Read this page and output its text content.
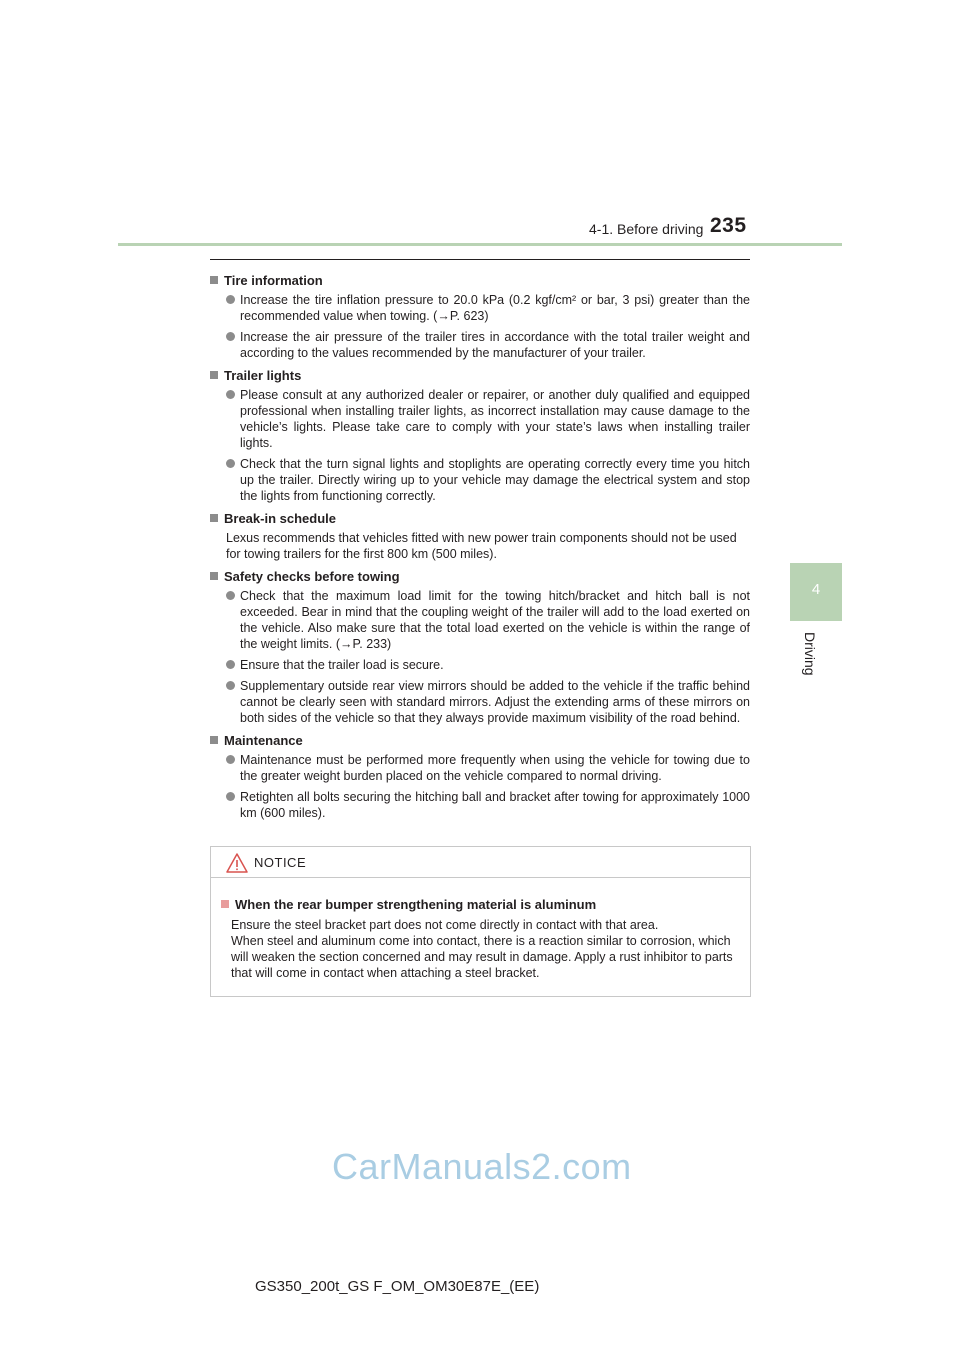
4-1. Before driving 235
4
Driving
Tire information
Increase the tire inflation pressure to 20.0 kPa (0.2 kgf/cm² or bar, 3 psi) greater than the recommended value when towing. (→P. 623)
Increase the air pressure of the trailer tires in accordance with the total trailer weight and according to the values recommended by the manufacturer of your trailer.
Trailer lights
Please consult at any authorized dealer or repairer, or another duly qualified and equipped professional when installing trailer lights, as incorrect installation may cause damage to the vehicle’s lights. Please take care to comply with your state’s laws when installing trailer lights.
Check that the turn signal lights and stoplights are operating correctly every time you hitch up the trailer. Directly wiring up to your vehicle may damage the electrical system and stop the lights from functioning correctly.
Break-in schedule
Lexus recommends that vehicles fitted with new power train components should not be used for towing trailers for the first 800 km (500 miles).
Safety checks before towing
Check that the maximum load limit for the towing hitch/bracket and hitch ball is not exceeded. Bear in mind that the coupling weight of the trailer will add to the load exerted on the vehicle. Also make sure that the total load exerted on the vehicle is within the range of the weight limits. (→P. 233)
Ensure that the trailer load is secure.
Supplementary outside rear view mirrors should be added to the vehicle if the traffic behind cannot be clearly seen with standard mirrors. Adjust the extending arms of these mirrors on both sides of the vehicle so that they always provide maximum visibility of the road behind.
Maintenance
Maintenance must be performed more frequently when using the vehicle for towing due to the greater weight burden placed on the vehicle compared to normal driving.
Retighten all bolts securing the hitching ball and bracket after towing for approximately 1000 km (600 miles).
NOTICE
When the rear bumper strengthening material is aluminum
Ensure the steel bracket part does not come directly in contact with that area.
When steel and aluminum come into contact, there is a reaction similar to corrosion, which will weaken the section concerned and may result in damage. Apply a rust inhibitor to parts that will come in contact when attaching a steel bracket.
CarManuals2.com
GS350_200t_GS F_OM_OM30E87E_(EE)
